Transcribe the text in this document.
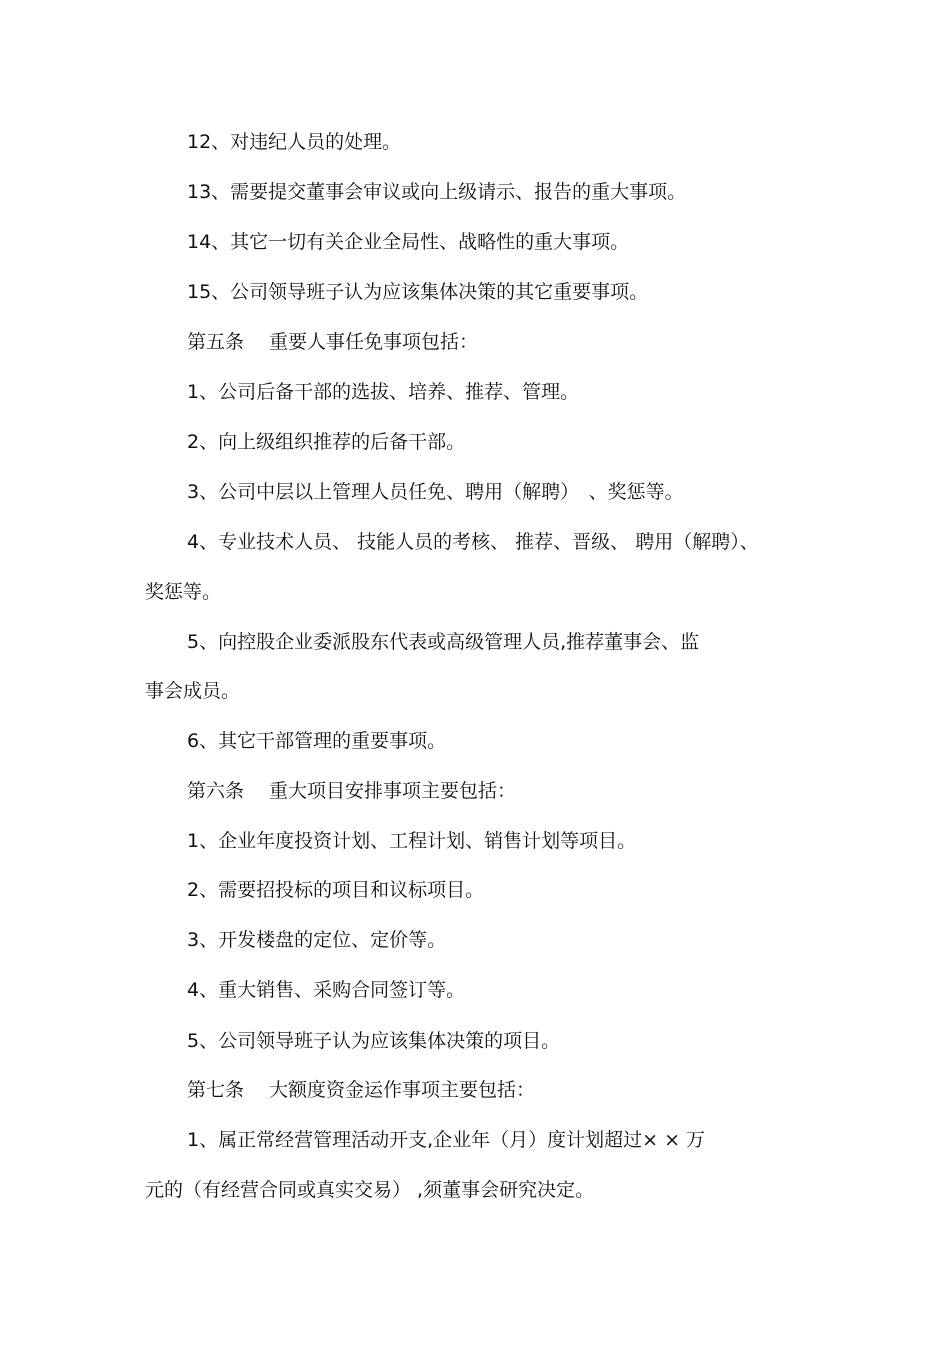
12、对违纪人员的处理。
13、需要提交董事会审议或向上级请示、报告的重大事项。
14、其它一切有关企业全局性、战略性的重大事项。
15、公司领导班子认为应该集体决策的其它重要事项。
第五条　 重要人事任免事项包括：
1、公司后备干部的选拔、培养、推荐、管理。
2、向上级组织推荐的后备干部。
3、公司中层以上管理人员任免、聘用（解聘）　、奖惩等。
4、专业技术人员、 技能人员的考核、 推荐、晋级、 聘用（解聘）、
奖惩等。
5、向控股企业委派股东代表或高级管理人员,推荐董事会、监
事会成员。
6、其它干部管理的重要事项。
第六条　 重大项目安排事项主要包括：
1、企业年度投资计划、工程计划、销售计划等项目。
2、需要招投标的项目和议标项目。
3、开发楼盘的定位、定价等。
4、重大销售、采购合同签订等。
5、公司领导班子认为应该集体决策的项目。
第七条　 大额度资金运作事项主要包括：
1、属正常经营管理活动开支,企业年（月）度计划超过× × 万
元的（有经营合同或真实交易） ,须董事会研究决定。
